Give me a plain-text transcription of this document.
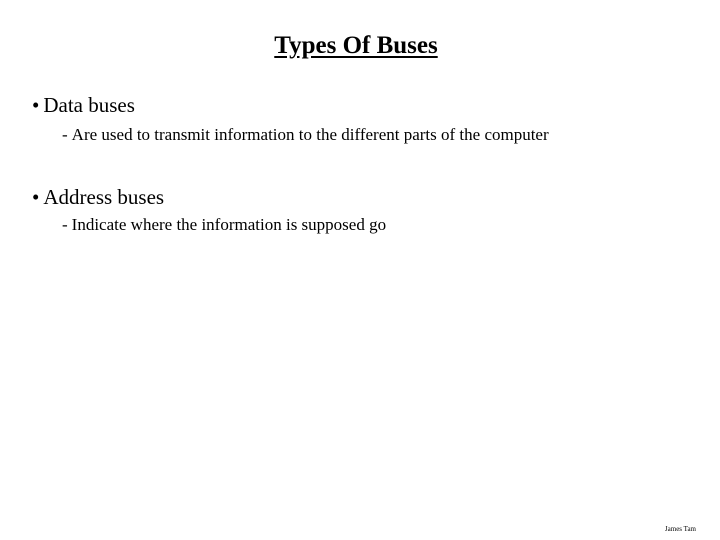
Types Of Buses

• Data buses

- Are used to transmit information to the different parts of the computer

• Address buses

- Indicate where the information is supposed go

James Tam
